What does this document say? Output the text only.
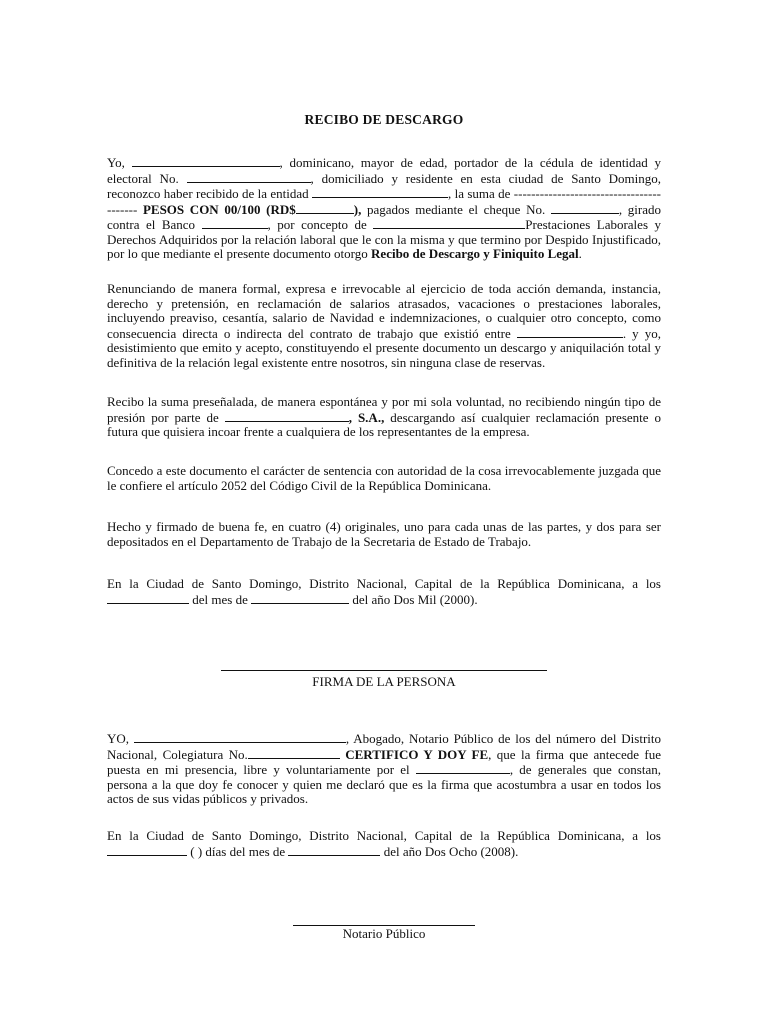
RECIBO DE DESCARGO
Yo,	, dominicano, mayor de edad, portador de la cédula de identidad y electoral No.	, domiciliado y residente en esta ciudad de Santo Domingo, reconozco haber recibido de la entidad	, la suma de ----------------------------------------- PESOS CON 00/100 (RD$	), pagados mediante el cheque No.	, girado contra el Banco	, por concepto de	Prestaciones Laborales y Derechos Adquiridos por la relación laboral que le con la misma y que termino por Despido Injustificado, por lo que mediante el presente documento otorgo Recibo de Descargo y Finiquito Legal.
Renunciando de manera formal, expresa e irrevocable al ejercicio de toda acción demanda, instancia, derecho y pretensión, en reclamación de salarios atrasados, vacaciones o prestaciones laborales, incluyendo preaviso, cesantía, salario de Navidad e indemnizaciones, o cualquier otro concepto, como consecuencia directa o indirecta del contrato de trabajo que existió entre	. y yo, desistimiento que emito y acepto, constituyendo el presente documento un descargo y aniquilación total y definitiva de la relación legal existente entre nosotros, sin ninguna clase de reservas.
Recibo la suma preseñalada, de manera espontánea y por mi sola voluntad, no recibiendo ningún tipo de presión por parte de	, S.A., descargando así cualquier reclamación presente o futura que quisiera incoar frente a cualquiera de los representantes de la empresa.
Concedo a este documento el carácter de sentencia con autoridad de la cosa irrevocablemente juzgada que le confiere el artículo 2052 del Código Civil de la República Dominicana.
Hecho y firmado de buena fe, en cuatro (4) originales, uno para cada unas de las partes, y dos para ser depositados en el Departamento de Trabajo de la Secretaria de Estado de Trabajo.
En la Ciudad de Santo Domingo, Distrito Nacional, Capital de la República Dominicana, a los  del mes de	del año Dos Mil (2000).
FIRMA DE LA PERSONA
YO,	, Abogado, Notario Público de los del número del Distrito Nacional, Colegiatura No.	CERTIFICO Y DOY FE, que la firma que antecede fue puesta en mi presencia, libre y voluntariamente por el	, de generales que constan, persona a la que doy fe conocer y quien me declaró que es la firma que acostumbra a usar en todos los actos de sus vidas públicos y privados.
En la Ciudad de Santo Domingo, Distrito Nacional, Capital de la República Dominicana, a los  ( ) días del mes de	del año Dos Ocho (2008).
Notario Público
